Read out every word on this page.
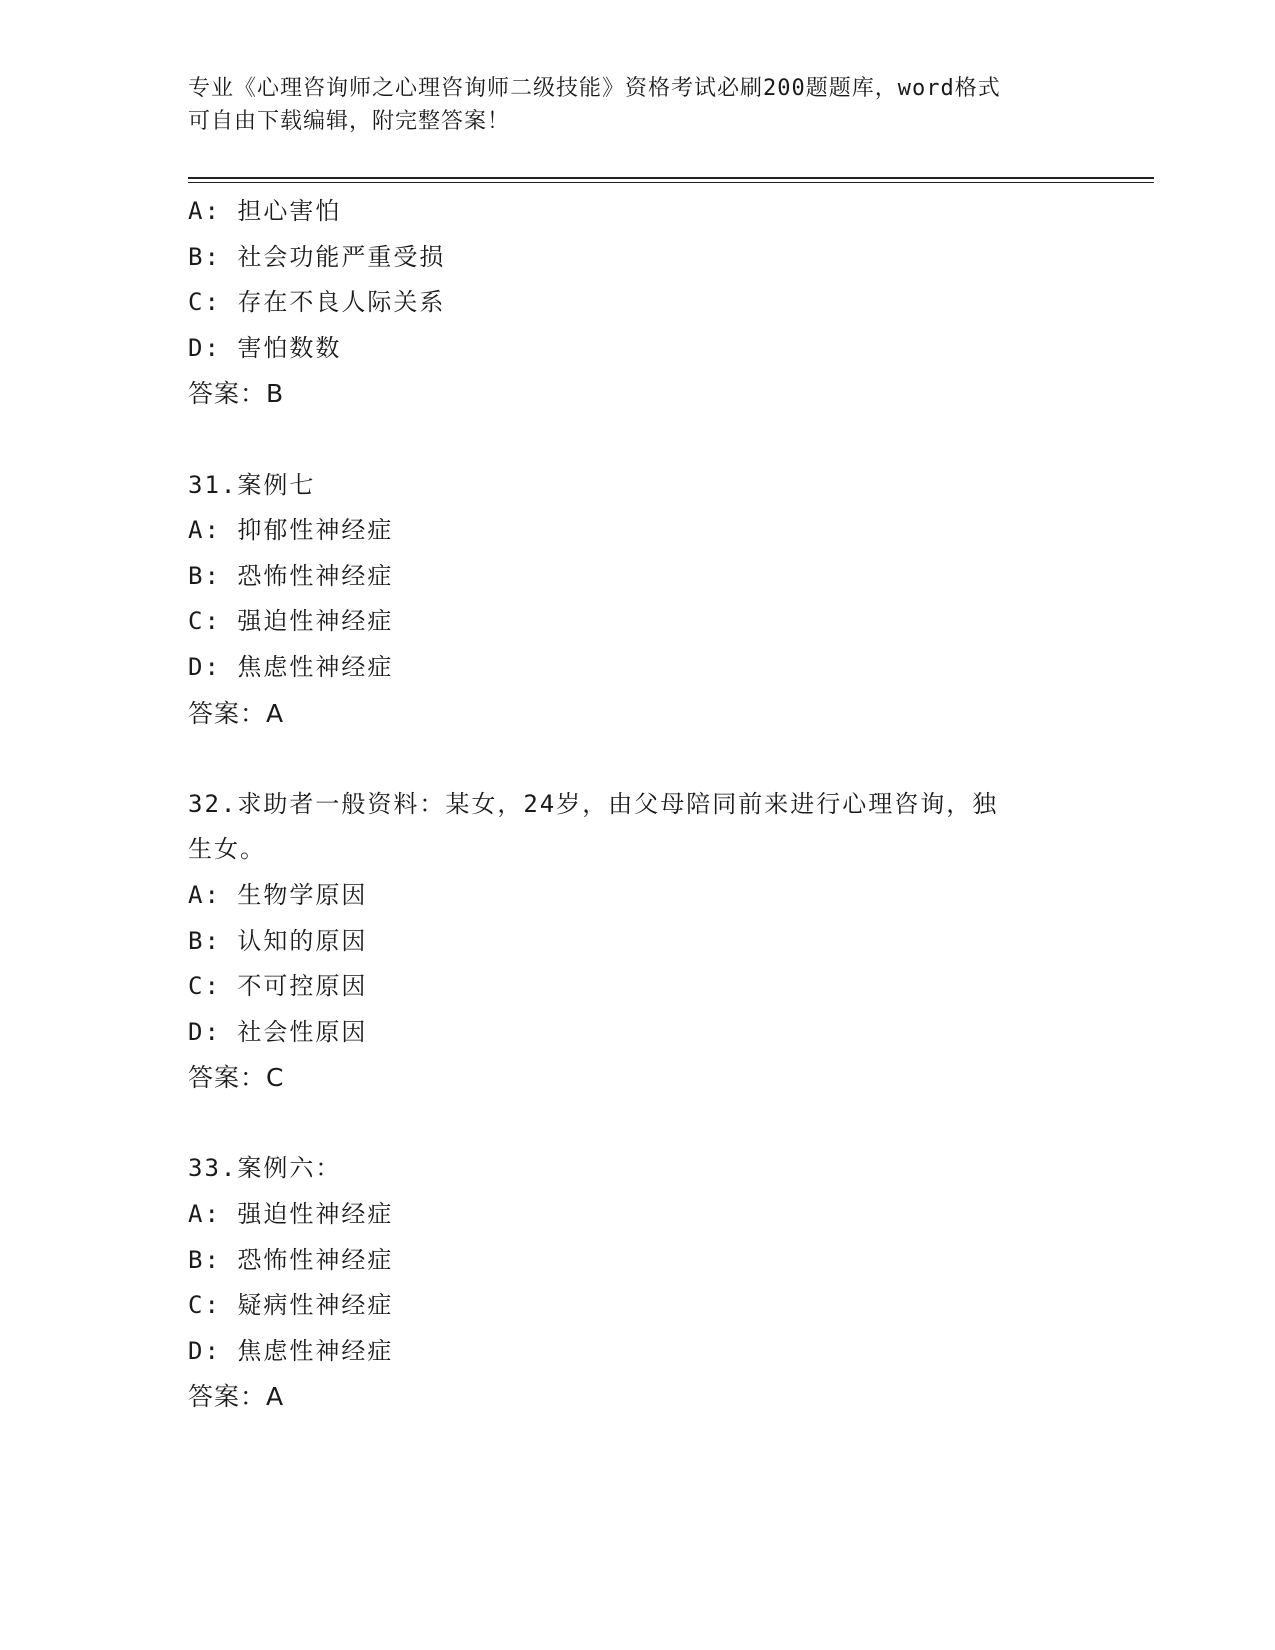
专业《心理咨询师之心理咨询师二级技能》资格考试必刷200题题库，word格式
可自由下载编辑，附完整答案！
A: 担心害怕
B: 社会功能严重受损
C: 存在不良人际关系
D: 害怕数数
答案：B
31.案例七
A: 抑郁性神经症
B: 恐怖性神经症
C: 强迫性神经症
D: 焦虑性神经症
答案：A
32.求助者一般资料：某女，24岁，由父母陪同前来进行心理咨询，独
生女。
A: 生物学原因
B: 认知的原因
C: 不可控原因
D: 社会性原因
答案：C
33.案例六：
A: 强迫性神经症
B: 恐怖性神经症
C: 疑病性神经症
D: 焦虑性神经症
答案：A
